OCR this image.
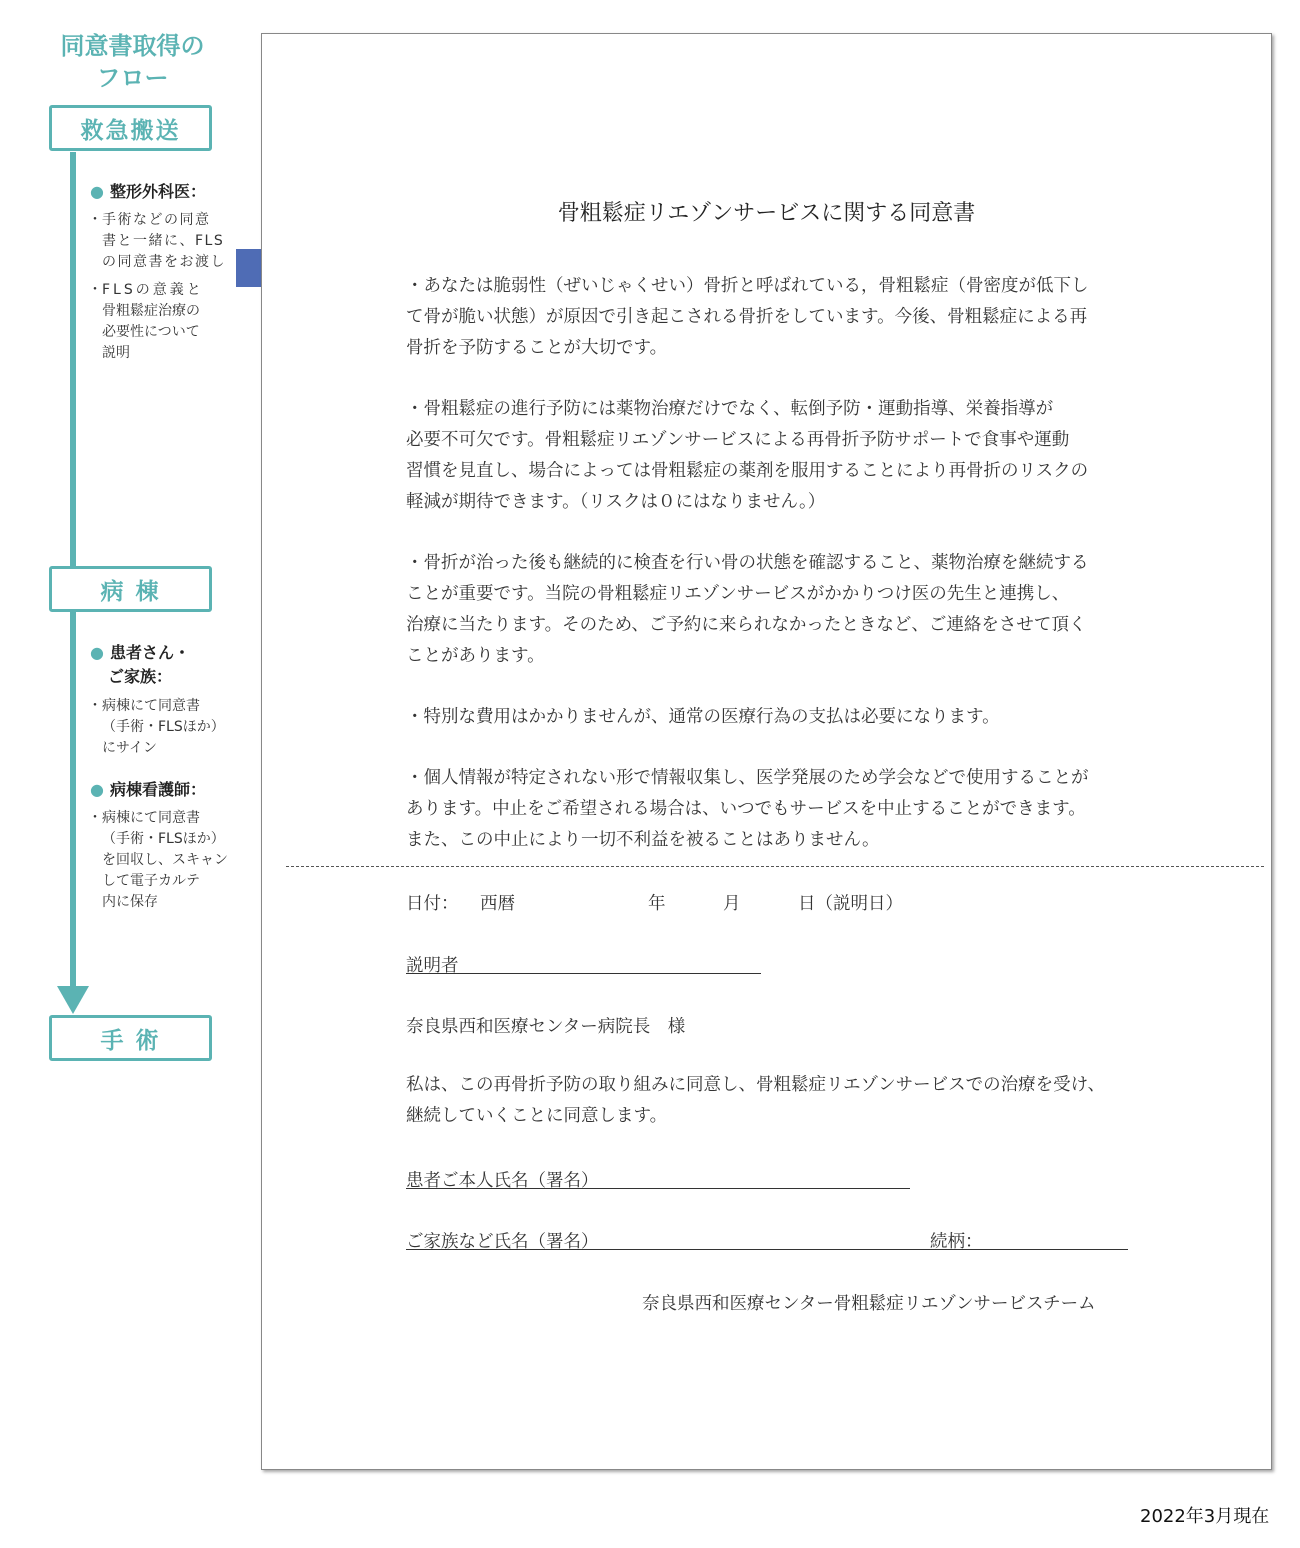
同意書取得の
フロー
救急搬送
病 棟
手 術
● 整形外科医：
・ 手術などの同意
書と一緒に、FLS
の同意書をお渡し
・ FLSの意義と
骨粗鬆症治療の
必要性について
説明
● 患者さん・
ご家族：
・ 病棟にて同意書
（手術・FLSほか）
にサイン
● 病棟看護師：
・ 病棟にて同意書
（手術・FLSほか）
を回収し、スキャン
して電子カルテ
内に保存
骨粗鬆症リエゾンサービスに関する同意書
・あなたは脆弱性（ぜいじゃくせい）骨折と呼ばれている，骨粗鬆症（骨密度が低下し
て骨が脆い状態）が原因で引き起こされる骨折をしています。今後、骨粗鬆症による再
骨折を予防することが大切です。
・骨粗鬆症の進行予防には薬物治療だけでなく、転倒予防・運動指導、栄養指導が
必要不可欠です。骨粗鬆症リエゾンサービスによる再骨折予防サポートで食事や運動
習慣を見直し、場合によっては骨粗鬆症の薬剤を服用することにより再骨折のリスクの
軽減が期待できます。（リスクは０にはなりません。）
・骨折が治った後も継続的に検査を行い骨の状態を確認すること、薬物治療を継続する
ことが重要です。当院の骨粗鬆症リエゾンサービスがかかりつけ医の先生と連携し、
治療に当たります。そのため、ご予約に来られなかったときなど、ご連絡をさせて頂く
ことがあります。
・特別な費用はかかりませんが、通常の医療行為の支払は必要になります。
・個人情報が特定されない形で情報収集し、医学発展のため学会などで使用することが
あります。中止をご希望される場合は、いつでもサービスを中止することができます。
また、この中止により一切不利益を被ることはありません。
日付： 西暦	年	月	日（説明日）
説明者
奈良県西和医療センター病院長　様
私は、この再骨折予防の取り組みに同意し、骨粗鬆症リエゾンサービスでの治療を受け、
継続していくことに同意します。
患者ご本人氏名（署名）
ご家族など氏名（署名）	続柄：
奈良県西和医療センター骨粗鬆症リエゾンサービスチーム
2022年3月現在
